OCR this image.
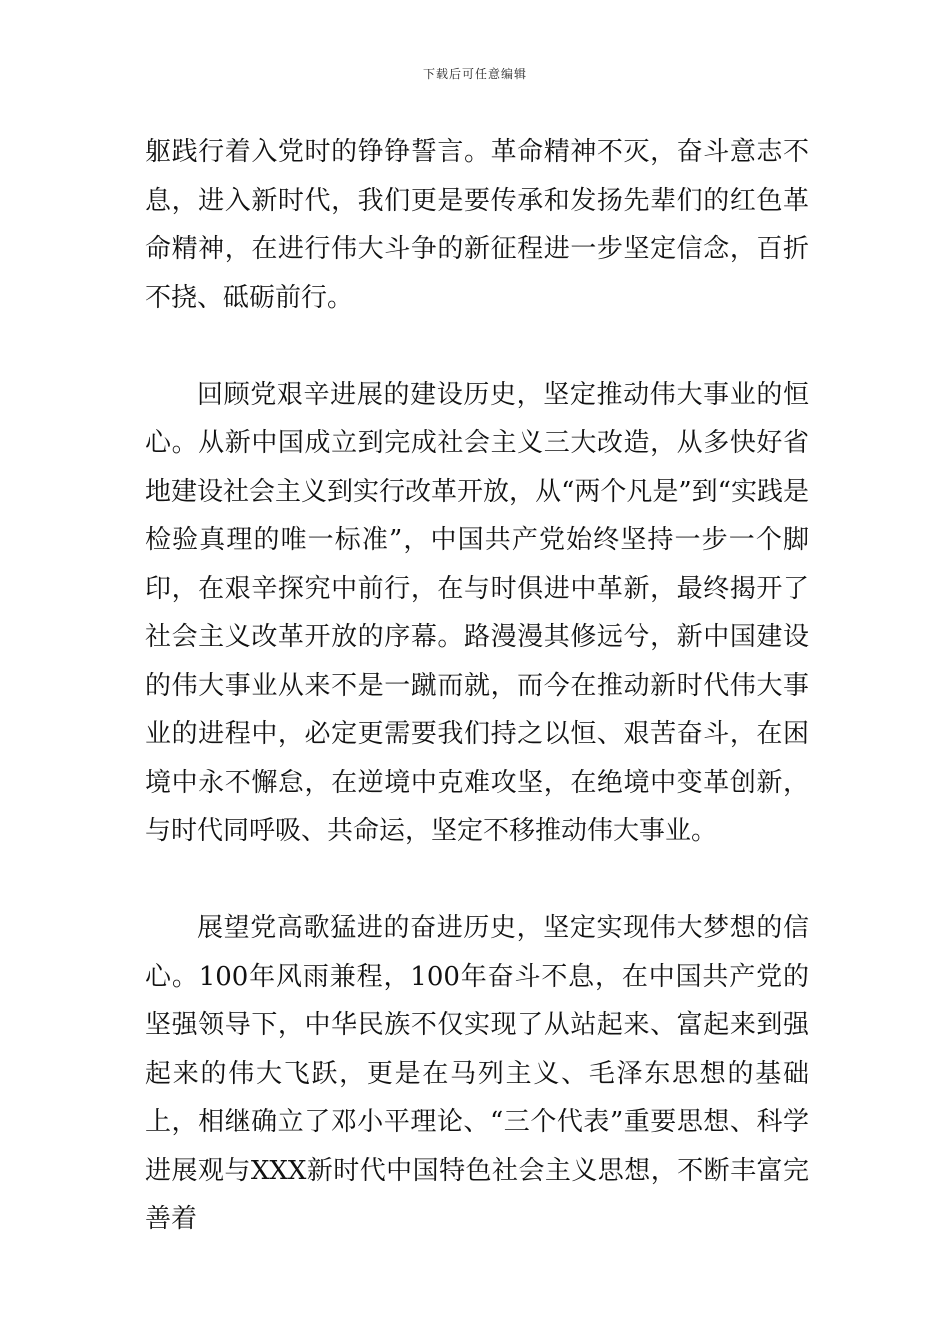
下载后可任意编辑

躯践行着入党时的铮铮誓言。革命精神不灭，奋斗意志不息，进入新时代，我们更是要传承和发扬先辈们的红色革命精神，在进行伟大斗争的新征程进一步坚定信念，百折不挠、砥砺前行。

回顾党艰辛进展的建设历史，坚定推动伟大事业的恒心。从新中国成立到完成社会主义三大改造，从多快好省地建设社会主义到实行改革开放，从“两个凡是”到“实践是检验真理的唯一标准”，中国共产党始终坚持一步一个脚印，在艰辛探究中前行，在与时俱进中革新，最终揭开了社会主义改革开放的序幕。路漫漫其修远兮，新中国建设的伟大事业从来不是一蹴而就，而今在推动新时代伟大事业的进程中，必定更需要我们持之以恒、艰苦奋斗，在困境中永不懈怠，在逆境中克难攻坚，在绝境中变革创新，与时代同呼吸、共命运，坚定不移推动伟大事业。

展望党高歌猛进的奋进历史，坚定实现伟大梦想的信心。100年风雨兼程，100年奋斗不息，在中国共产党的坚强领导下，中华民族不仅实现了从站起来、富起来到强起来的伟大飞跃，更是在马列主义、毛泽东思想的基础上，相继确立了邓小平理论、“三个代表”重要思想、科学进展观与XXX新时代中国特色社会主义思想，不断丰富完善着
